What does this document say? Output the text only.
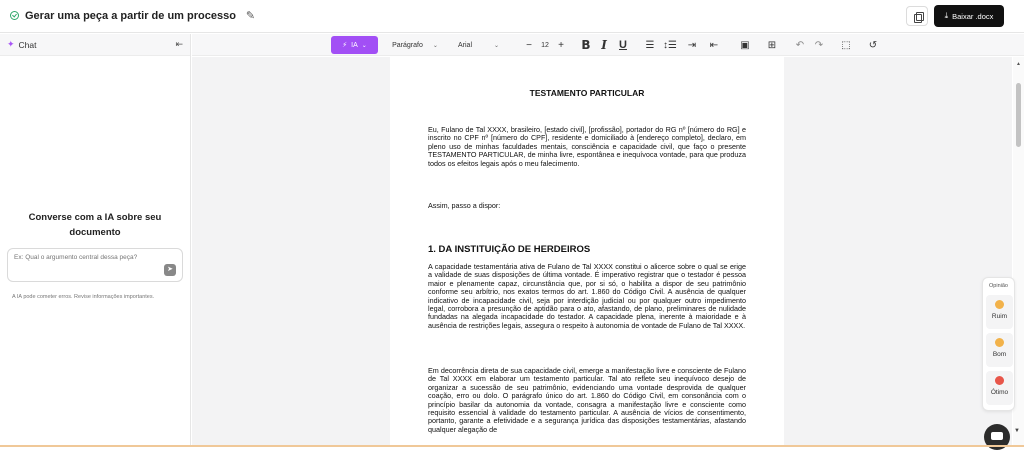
Gerar uma peça a partir de um processo ✎	⤓ Baixar .docx
✦ Chat	⇤
Converse com a IA sobre seu documento
Ex: Qual o argumento central dessa peça?
➤
A IA pode cometer erros. Revise informações importantes.
⚡ IA ⌄	Parágrafo ⌄	Arial	⌄	− 12 + B I	U	☰ ↕☰	⇥	⇤	▣ ⊞ ↶ ↷ ⬚ ↺
TESTAMENTO PARTICULAR
Eu, Fulano de Tal XXXX, brasileiro, [estado civil], [profissão], portador do RG nº [número do RG] e inscrito no CPF nº [número do CPF], residente e domiciliado à [endereço completo], declaro, em pleno uso de minhas faculdades mentais, consciência e capacidade civil, que faço o presente TESTAMENTO PARTICULAR, de minha livre, espontânea e inequívoca vontade, para que produza todos os efeitos legais após o meu falecimento.
Assim, passo a dispor:
1. DA INSTITUIÇÃO DE HERDEIROS
A capacidade testamentária ativa de Fulano de Tal XXXX constitui o alicerce sobre o qual se erige a validade de suas disposições de última vontade. É imperativo registrar que o testador é pessoa maior e plenamente capaz, circunstância que, por si só, o habilita a dispor de seu patrimônio conforme seu arbítrio, nos exatos termos do art. 1.860 do Código Civil. A ausência de qualquer indicativo de incapacidade civil, seja por interdição judicial ou por qualquer outro impedimento legal, corrobora a presunção de aptidão para o ato, afastando, de plano, preliminares de nulidade fundadas na alegada incapacidade do testador. A capacidade plena, inerente à maioridade e à ausência de restrições legais, assegura o respeito à autonomia de vontade de Fulano de Tal XXXX.
Em decorrência direta de sua capacidade civil, emerge a manifestação livre e consciente de Fulano de Tal XXXX em elaborar um testamento particular. Tal ato reflete seu inequívoco desejo de organizar a sucessão de seu patrimônio, evidenciando uma vontade desprovida de qualquer coação, erro ou dolo. O parágrafo único do art. 1.860 do Código Civil, em consonância com o princípio basilar da autonomia da vontade, consagra a manifestação livre e consciente como requisito essencial à validade do testamento particular. A ausência de vícios de consentimento, portanto, garante a efetividade e a segurança jurídica das disposições testamentárias, afastando qualquer alegação de
▲
Opinião
Ruim
Bom
Ótimo
▼
